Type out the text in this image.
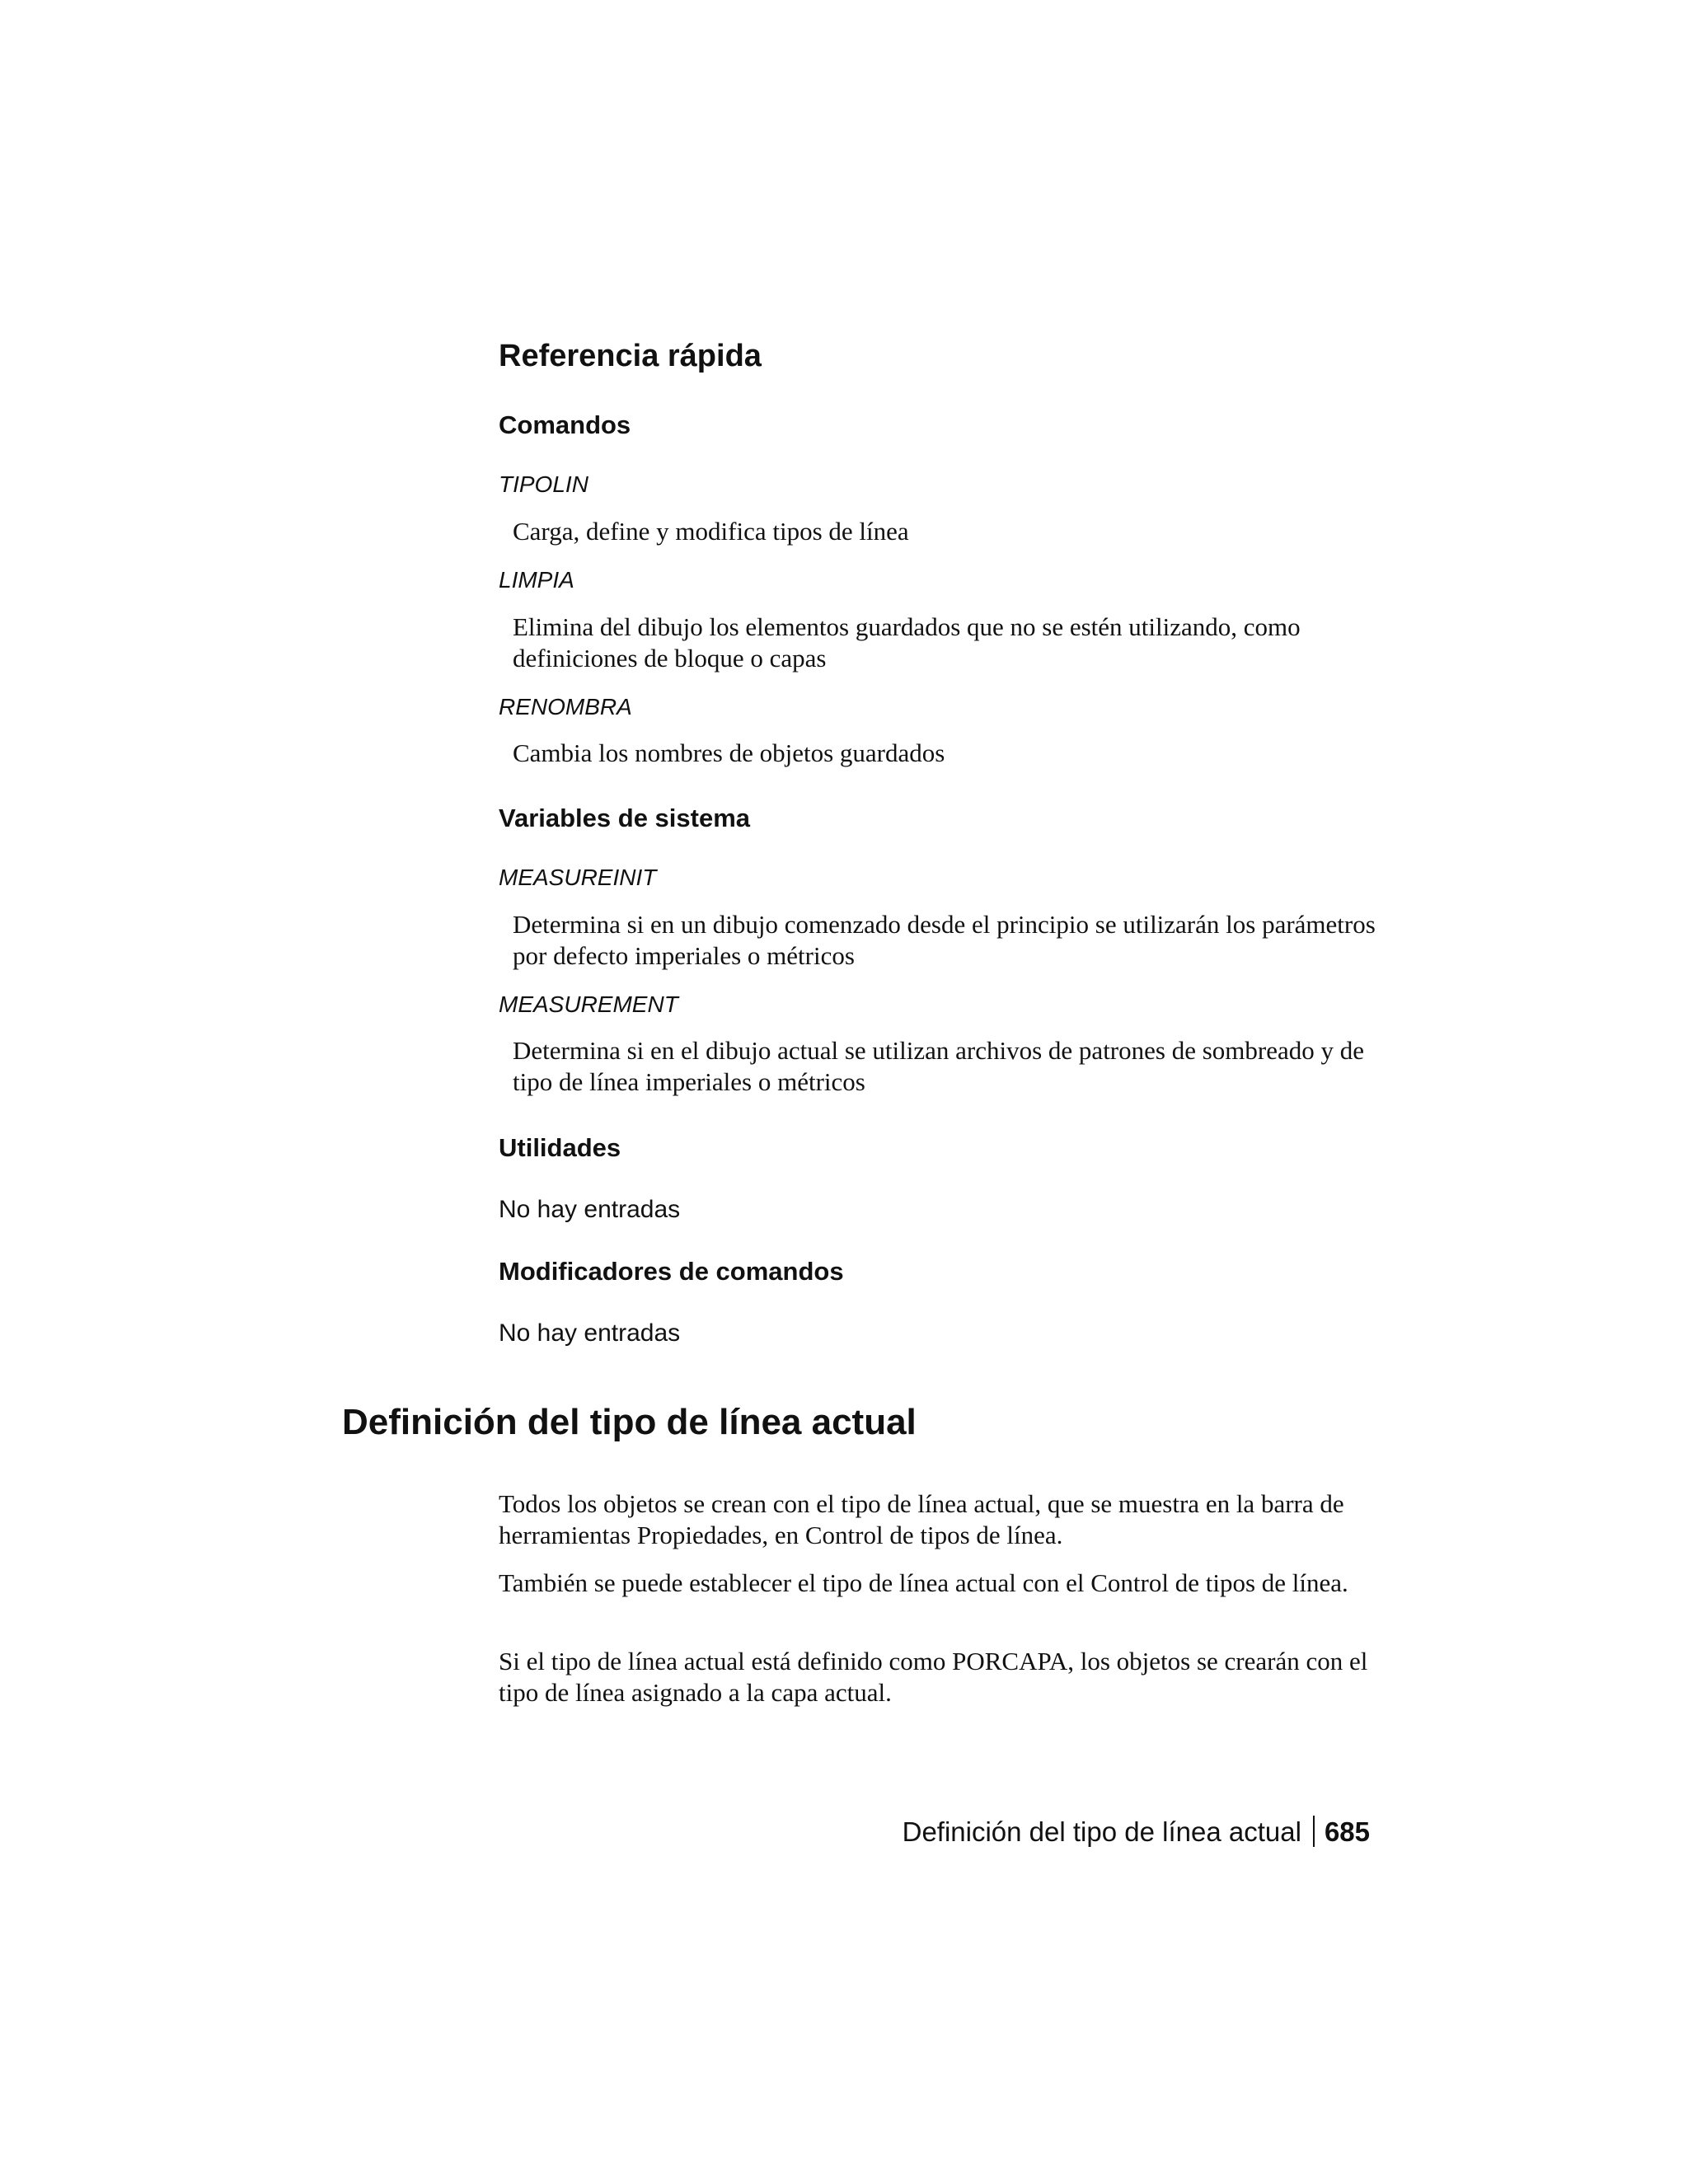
Referencia rápida
Comandos
TIPOLIN

Carga, define y modifica tipos de línea

LIMPIA

Elimina del dibujo los elementos guardados que no se estén utilizando, como definiciones de bloque o capas

RENOMBRA

Cambia los nombres de objetos guardados

Variables de sistema
MEASUREINIT

Determina si en un dibujo comenzado desde el principio se utilizarán los parámetros por defecto imperiales o métricos

MEASUREMENT

Determina si en el dibujo actual se utilizan archivos de patrones de sombreado y de tipo de línea imperiales o métricos

Utilidades

No hay entradas

Modificadores de comandos

No hay entradas

Definición del tipo de línea actual

Todos los objetos se crean con el tipo de línea actual, que se muestra en la barra de herramientas Propiedades, en Control de tipos de línea.

También se puede establecer el tipo de línea actual con el Control de tipos de línea.

Si el tipo de línea actual está definido como PORCAPA, los objetos se crearán con el tipo de línea asignado a la capa actual.

Definición del tipo de línea actual 685
